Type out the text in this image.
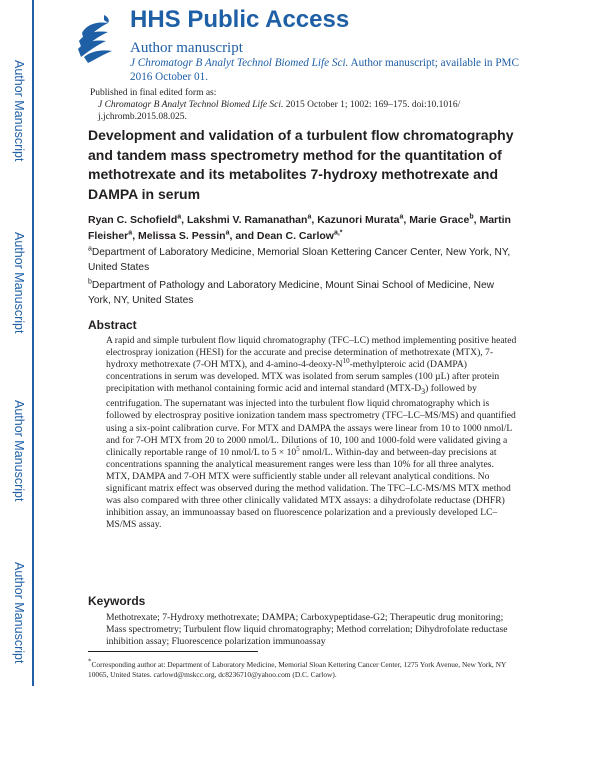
Author Manuscript
Author Manuscript
Author Manuscript
Author Manuscript
HHS Public Access
Author manuscript
J Chromatogr B Analyt Technol Biomed Life Sci. Author manuscript; available in PMC 2016 October 01.
Published in final edited form as:
J Chromatogr B Analyt Technol Biomed Life Sci. 2015 October 1; 1002: 169–175. doi:10.1016/
j.jchromb.2015.08.025.
Development and validation of a turbulent flow chromatography and tandem mass spectrometry method for the quantitation of methotrexate and its metabolites 7-hydroxy methotrexate and DAMPA in serum
Ryan C. Schofield$^a$, Lakshmi V. Ramanathan$^a$, Kazunori Murata$^a$, Marie Grace$^b$, Martin Fleisher$^a$, Melissa S. Pessin$^a$, and Dean C. Carlow$^{a,*}$
$^a$Department of Laboratory Medicine, Memorial Sloan Kettering Cancer Center, New York, NY, United States
$^b$Department of Pathology and Laboratory Medicine, Mount Sinai School of Medicine, New York, NY, United States
Abstract

A rapid and simple turbulent flow liquid chromatography (TFC–LC) method implementing positive heated electrospray ionization (HESI) for the accurate and precise determination of methotrexate (MTX), 7-hydroxy methotrexate (7-OH MTX), and $4-amino-4-deoxy-N^{10}$-methylpteroic acid (DAMPA) concentrations in serum was developed. MTX was isolated from serum samples (100 µL) after protein precipitation with methanol containing formic acid and internal standard $(MTX-D_3)$ followed by centrifugation. The supernatant was injected into the turbulent flow liquid chromatography which is followed by electrospray positive ionization tandem mass spectrometry (TFC–LC–MS/MS) and quantified using a six-point calibration curve. For MTX and DAMPA the assays were linear from 10 to 1000 nmol/L and for 7-OH MTX from 20 to 2000 nmol/L. Dilutions of 10, 100 and 1000-fold were validated giving a clinically reportable range of 10 nmol/L to $5 \times 10^5$ nmol/L. Within-day and between-day precisions at concentrations spanning the analytical measurement ranges were less than 10% for all three analytes. MTX, DAMPA and 7-OH MTX were sufficiently stable under all relevant analytical conditions. No significant matrix effect was observed during the method validation. The TFC–LC-MS/MS MTX method was also compared with three other clinically validated MTX assays: a dihydrofolate reductase (DHFR) inhibition assay, an immunoassay based on fluorescence polarization and a previously developed LC–MS/MS assay.

Keywords

Methotrexate; 7-Hydroxy methotrexate; DAMPA; Carboxypeptidase-G2; Therapeutic drug monitoring; Mass spectrometry; Turbulent flow liquid chromatography; Method correlation; Dihydrofolate reductase inhibition assay; Fluorescence polarization immunoassay

*Corresponding author at: Department of Laboratory Medicine, Memorial Sloan Kettering Cancer Center, 1275 York Avenue, New York, NY 10065, United States. carlowd@mskcc.org, dc8236710@yahoo.com (D.C. Carlow).
